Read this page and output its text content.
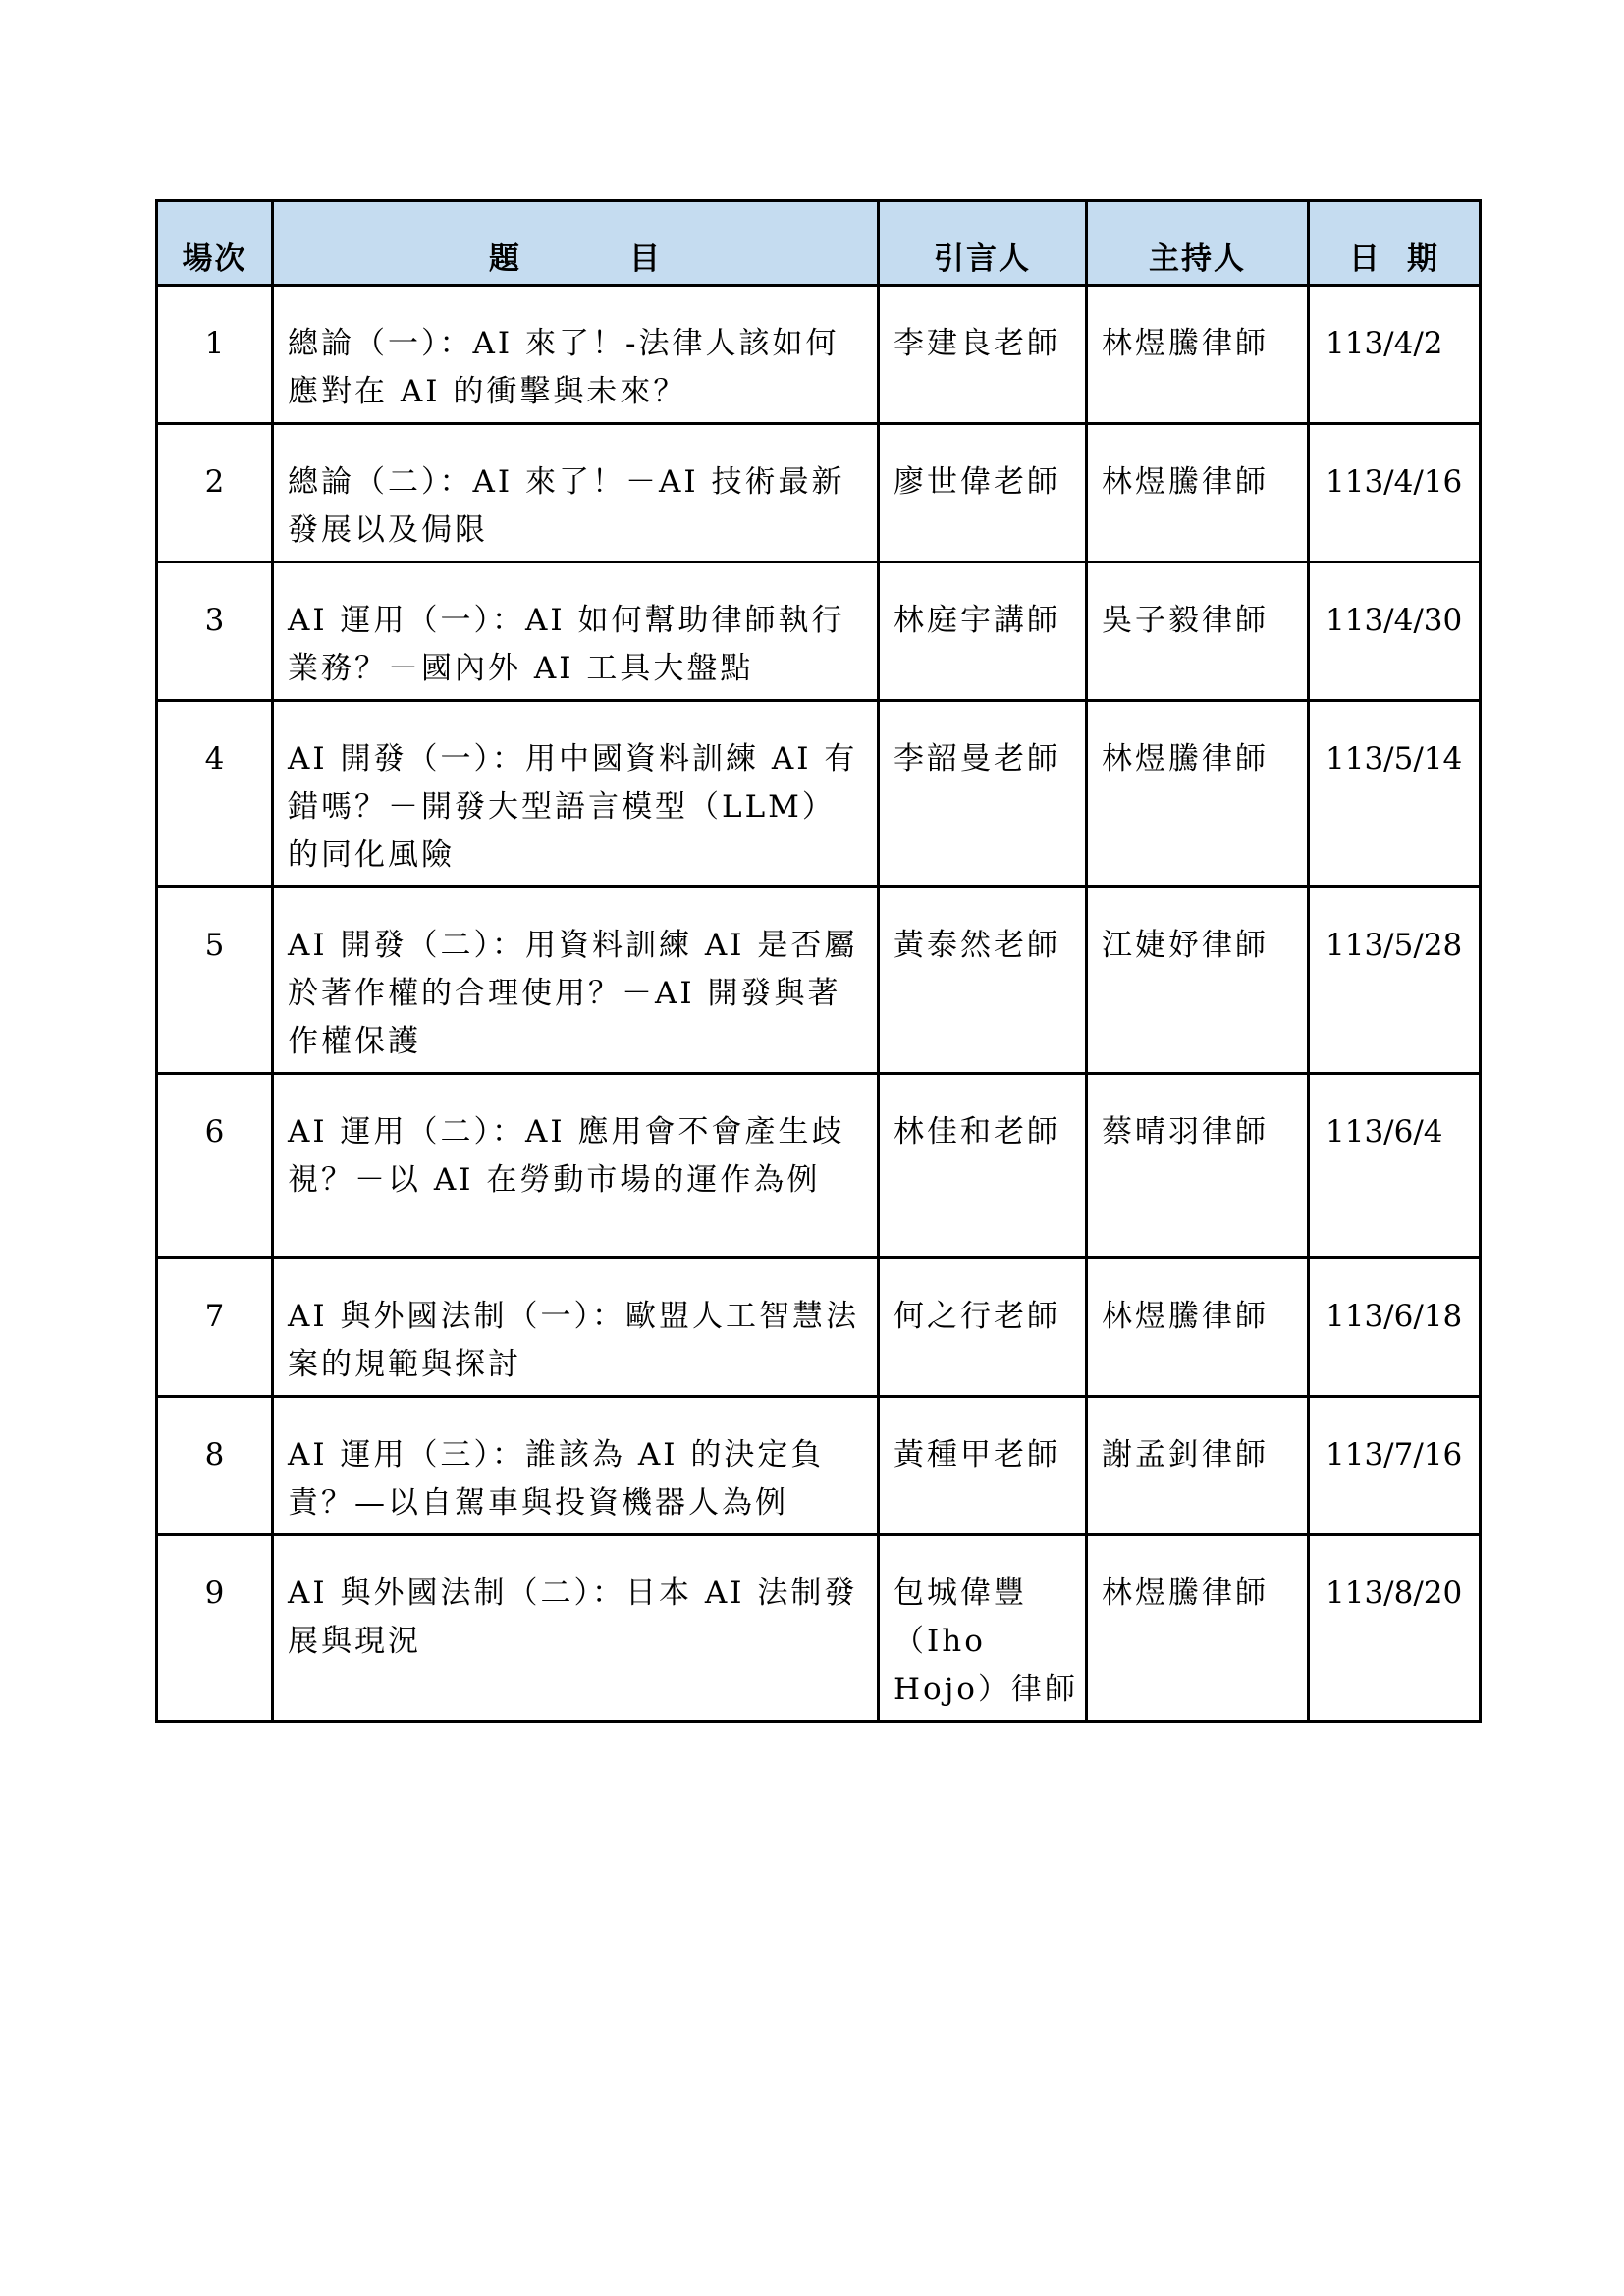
場次	題 目	引言人	主持人	日 期
1	總論（一）：AI 來了！-法律人該如何應對在 AI 的衝擊與未來？	李建良老師	林煜騰律師	113/4/2
2	總論（二）：AI 來了！－AI 技術最新發展以及侷限	廖世偉老師	林煜騰律師	113/4/16
3	AI 運用（一）：AI 如何幫助律師執行業務？－國內外 AI 工具大盤點	林庭宇講師	吳子毅律師	113/4/30
4	AI 開發（一）：用中國資料訓練 AI 有錯嗎？－開發大型語言模型（LLM）的同化風險	李韶曼老師	林煜騰律師	113/5/14
5	AI 開發（二）：用資料訓練 AI 是否屬於著作權的合理使用？－AI 開發與著作權保護	黃泰然老師	江婕妤律師	113/5/28
6	AI 運用（二）：AI 應用會不會產生歧視？－以 AI 在勞動市場的運作為例	林佳和老師	蔡晴羽律師	113/6/4
7	AI 與外國法制（一）：歐盟人工智慧法案的規範與探討	何之行老師	林煜騰律師	113/6/18
8	AI 運用（三）：誰該為 AI 的決定負責？—以自駕車與投資機器人為例	黃種甲老師	謝孟釗律師	113/7/16
9	AI 與外國法制（二）：日本 AI 法制發展與現況	包城偉豐（Iho Hojo）律師	林煜騰律師	113/8/20
